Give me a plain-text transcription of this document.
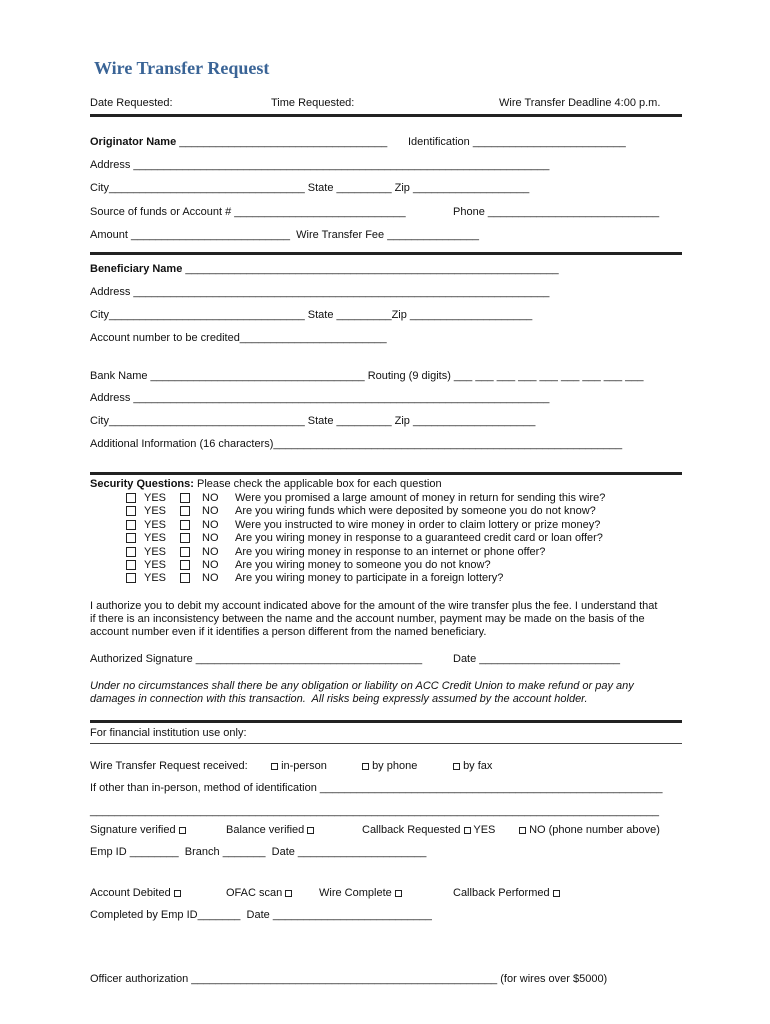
Wire Transfer Request
Date Requested:	Time Requested:	Wire Transfer Deadline 4:00 p.m.
Originator Name __________________________________ Identification _________________________
Address ____________________________________________________________________
City________________________________ State _________ Zip ___________________
Source of funds or Account # ____________________________	Phone ____________________________
Amount __________________________  Wire Transfer Fee _______________
Beneficiary Name _____________________________________________________________
Address ____________________________________________________________________
City________________________________ State _________Zip ____________________
Account number to be credited________________________
Bank Name ___________________________________ Routing (9 digits) ___ ___ ___ ___ ___ ___ ___ ___ ___
Address ____________________________________________________________________
City________________________________ State _________ Zip ____________________
Additional Information (16 characters)_________________________________________________________
Security Questions: Please check the applicable box for each question
YES	NO Were you promised a large amount of money in return for sending this wire?
YES	NO Are you wiring funds which were deposited by someone you do not know?
YES	NO Were you instructed to wire money in order to claim lottery or prize money?
YES	NO Are you wiring money in response to a guaranteed credit card or loan offer?
YES	NO Are you wiring money in response to an internet or phone offer?
YES	NO Are you wiring money to someone you do not know?
YES	NO Are you wiring money to participate in a foreign lottery?
I authorize you to debit my account indicated above for the amount of the wire transfer plus the fee. I understand that
if there is an inconsistency between the name and the account number, payment may be made on the basis of the
account number even if it identifies a person different from the named beneficiary.
Authorized Signature _____________________________________	Date _______________________
Under no circumstances shall there be any obligation or liability on ACC Credit Union to make refund or pay any
damages in connection with this transaction.  All risks being expressly assumed by the account holder.
For financial institution use only:
Wire Transfer Request received:	in-person	by phone	by fax
If other than in-person, method of identification ________________________________________________________
_____________________________________________________________________________________________
Signature verified	Balance verified	Callback Requested YES	NO (phone number above)
Emp ID ________  Branch _______  Date _____________________
Account Debited	OFAC scan	Wire Complete	Callback Performed
Completed by Emp ID_______  Date __________________________
Officer authorization __________________________________________________ (for wires over $5000)
